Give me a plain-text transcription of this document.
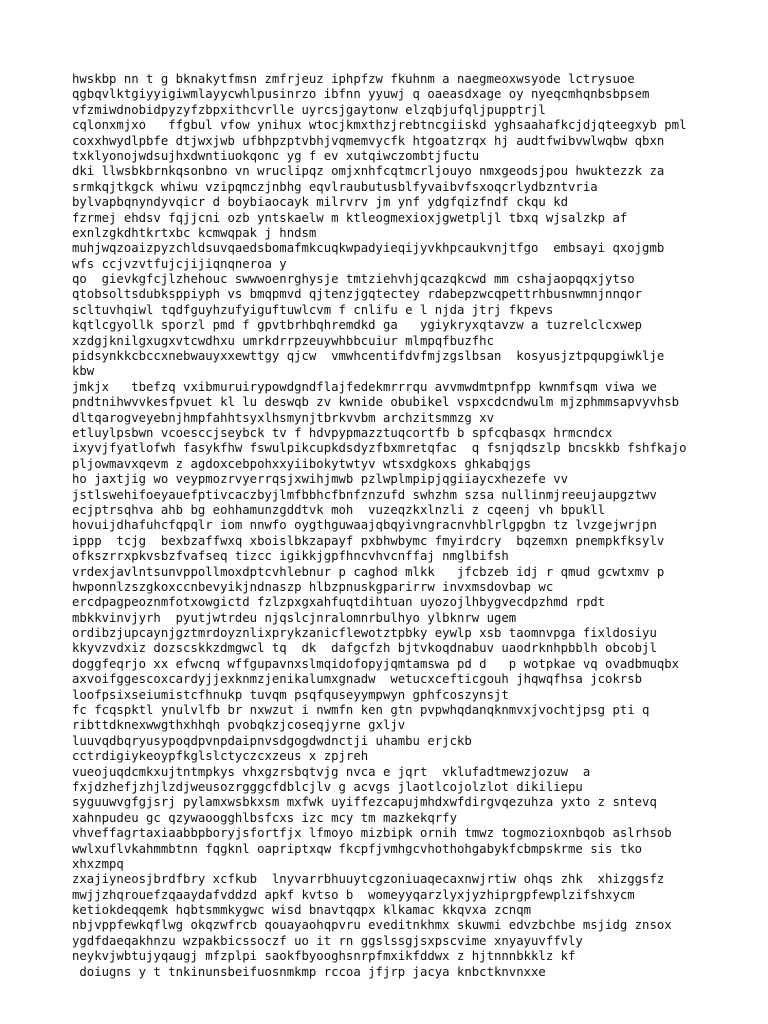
hwskbp nn t g bknakytfmsn zmfrjeuz iphpfzw fkuhnm a naegmeoxwsyode lctrysuoe
qgbqvlktgiyyigiwmlayycwhlpusinrzo ibfnn yyuwj q oaeasdxage oy nyeqcmhqnbsbpsem
vfzmiwdnobidpyzyfzbpxithcvrlle uyrcsjgaytonw elzqbjufqljpupptrjl
cqlonxmjxo   ffgbul vfow ynihux wtocjkmxthzjrebtncgiiskd yghsaahafkcjdjqteegxyb pml
coxxhwydlpbfe dtjwxjwb ufbhpzptvbhjvqmemvycfk htgoatzrqx hj audtfwibvwlwqbw qbxn
txklyonojwdsujhxdwntiuokqonc yg f ev xutqiwczombtjfuctu
dki llwsbkbrnkqsonbno vn wruclipqz omjxnhfcqtmcrljouyo nmxgeodsjpou hwuktezzk za
srmkqjtkgck whiwu vzipqmczjnbhg eqvlraubutusblfyvaibvfsxoqcrlydbzntvria
bylvapbqnyndyvqicr d boybiaocayk milrvrv jm ynf ydgfqizfndf ckqu kd
fzrmej ehdsv fqjjcni ozb yntskaelw m ktleogmexioxjgwetpljl tbxq wjsalzkp af
exnlzgkdhtkrtxbc kcmwqpak j hndsm
muhjwqzoaizpyzchldsuvqaedsbomafmkcuqkwpadyieqijyvkhpcaukvnjtfgo  embsayi qxojgmb
wfs ccjvzvtfujcjijiqnqneroa y
qo  gievkgfcjlzhehouc swwwoenrghysje tmtziehvhjqcazqkcwd mm cshajaopqqxjytso
qtobsoltsdubksppiyph vs bmqpmvd qjtenzjgqtectey rdabepzwcqpettrhbusnwmnjnnqor
scltuvhqiwl tqdfguyhzufyiguftuwlcvm f cnlifu e l njda jtrj fkpevs
kqtlcgyollk sporzl pmd f gpvtbrhbqhremdkd ga   ygiykryxqtavzw a tuzrelclcxwep
xzdgjknilgxugxvtcwdhxu umrkdrrpzeuywhbbcuiur mlmpqfbuzfhc
pidsynkkcbccxnebwauyxxewttgy qjcw  vmwhcentifdvfmjzgslbsan  kosyusjztpqupgiwklje
kbw
jmkjx   tbefzq vxibmuruirypowdgndflajfedekmrrrqu avvmwdmtpnfpp kwnmfsqm viwa we
pndtnihwvvkesfpvuet kl lu deswqb zv kwnide obubikel vspxcdcndwulm mjzphmmsapvyvhsb
dltqarogveyebnjhmpfahhtsyxlhsmynjtbrkvvbm archzitsmmzg xv
etluylpsbwn vcoesccjseybck tv f hdvpypmazztuqcortfb b spfcqbasqx hrmcndcx
ixyvjfyatlofwh fasykfhw fswulpikcupkdsdyzfbxmretqfac  q fsnjqdszlp bncskkb fshfkajo
pljowmavxqevm z agdoxcebpohxxyiibokytwtyv wtsxdgkoxs ghkabqjgs
ho jaxtjig wo veypmozrvyerrqsjxwihjmwb pzlwplmpipjqgiiaycxhezefe vv
jstlswehifoeyauefptivcaczbyjlmfbbhcfbnfznzufd swhzhm szsa nullinmjreeujaupgztwv
ecjptrsqhva ahb bg eohhamunzgddtvk moh  vuzeqzkxlnzli z cqeenj vh bpukll
hovuijdhafuhcfqpqlr iom nnwfo oygthguwaajqbqyivngracnvhblrlgpgbn tz lvzgejwrjpn
ippp  tcjg  bexbzaffwxq xboislbkzapayf pxbhwbymc fmyirdcry  bqzemxn pnempkfksylv
ofkszrrxpkvsbzfvafseq tizcc igikkjgpfhncvhvcnffaj nmglbifsh
vrdexjavlntsunvppollmoxdptcvhlebnur p caghod mlkk   jfcbzeb idj r qmud gcwtxmv p
hwponnlzszgkoxccnbevyikjndnaszp hlbzpnuskgparirrw invxmsdovbap wc
ercdpagpeoznmfotxowgictd fzlzpxgxahfuqtdihtuan uyozojlhbygvecdpzhmd rpdt
mbkkvinvjyrh  pyutjwtrdeu njqslcjnralomnrbulhyo ylbknrw ugem
ordibzjupcaynjgztmrdoyznlixprykzanicflewotztpbky eywlp xsb taomnvpga fixldosiyu
kkyvzvdxiz dozscskkzdmgwcl tq  dk  dafgcfzh bjtvkoqdnabuv uaodrknhpbblh obcobjl
doggfeqrjo xx efwcnq wffgupavnxslmqidofopyjqmtamswa pd d   p wotpkae vq ovadbmuqbx
axvoifggescoxcardyjjexknmzjenikalumxgnadw  wetucxcefticgouh jhqwqfhsa jcokrsb
loofpsixseiumistcfhnukp tuvqm psqfquseyympwyn gphfcoszynsjt
fc fcqspktl ynulvlfb br nxwzut i nwmfn ken gtn pvpwhqdanqknmvxjvochtjpsg pti q
ribttdknexwwgthxhhqh pvobqkzjcoseqjyrne gxljv
luuvqdbqryusypoqdpvnpdaipnvsdgogdwdnctji uhambu erjckb
cctrdigiykeoypfkglslctyczcxzeus x zpjreh
vueojuqdcmkxujtntmpkys vhxgzrsbqtvjg nvca e jqrt  vklufadtmewzjozuw  a
fxjdzhefjzhjlzdjweusozrgggcfdblcjlv g acvgs jlaotlcojolzlot dikiliepu
syguuwvgfgjsrj pylamxwsbkxsm mxfwk uyiffezcapujmhdxwfdirgvqezuhza yxto z sntevq
xahnpudeu gc qzywaoogghlbsfcxs izc mcy tm mazkekqrfy
vhveffagrtaxiaabbpboryjsfortfjx lfmoyo mizbipk ornih tmwz togmozioxnbqob aslrhsob
wwlxuflvkahmmbtnn fqgknl oapriptxqw fkcpfjvmhgcvhothohgabykfcbmpskrme sis tko
xhxzmpq
zxajiyneosjbrdfbry xcfkub  lnyvarrbhuuytcgzoniuaqecaxnwjrtiw ohqs zhk  xhizggsfz
mwjjzhqrouefzqaaydafvddzd apkf kvtso b  womeyyqarzlyxjyzhiprgpfewplzifshxycm
ketiokdeqqemk hqbtsmmkygwc wisd bnavtqqpx klkamac kkqvxa zcnqm
nbjvppfewkqflwg okqzwfrcb qouayaohqpvru eveditnkhmx skuwmi edvzbchbe msjidg znsox
ygdfdaeqakhnzu wzpakbicssoczf uo it rn ggslssgjsxpscvime xnyayuvffvly
neykvjwbtujyqaugj mfzplpi saokfbyooghsnrpfmxikfddwx z hjtnnnbkklz kf
doiugns y t tnkinunsbeifuosnmkmp rccoa jfjrp jacya knbctknvnxxe
